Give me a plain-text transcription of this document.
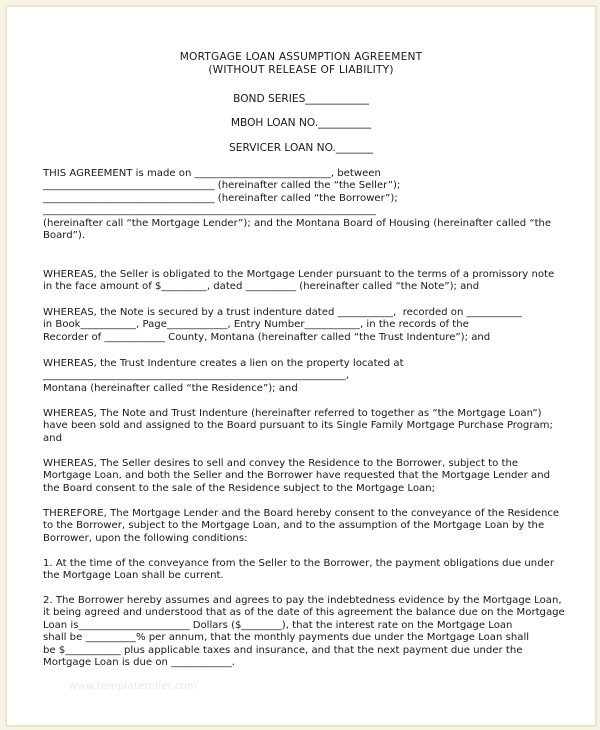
MORTGAGE LOAN ASSUMPTION AGREEMENT
(WITHOUT RELEASE OF LIABILITY)
BOND SERIES____________
MBOH LOAN NO.__________
SERVICER LOAN NO._______
THIS AGREEMENT is made on ___________________________, between
__________________________________ (hereinafter called the “the Seller”);
__________________________________ (hereinafter called “the Borrower”);
__________________________________________________________________
(hereinafter call “the Mortgage Lender”); and the Montana Board of Housing (hereinafter called “the
Board”).
WHEREAS, the Seller is obligated to the Mortgage Lender pursuant to the terms of a promissory note
in the face amount of $_________, dated __________ (hereinafter called “the Note”); and
WHEREAS, the Note is secured by a trust indenture dated ___________,  recorded on ___________
in Book___________, Page____________, Entry Number___________, in the records of the
Recorder of ____________ County, Montana (hereinafter called “the Trust Indenture”); and
WHEREAS, the Trust Indenture creates a lien on the property located at
____________________________________________________________,
Montana (hereinafter called “the Residence”); and
WHEREAS, The Note and Trust Indenture (hereinafter referred to together as “the Mortgage Loan”)
have been sold and assigned to the Board pursuant to its Single Family Mortgage Purchase Program;
and
WHEREAS, The Seller desires to sell and convey the Residence to the Borrower, subject to the
Mortgage Loan, and both the Seller and the Borrower have requested that the Mortgage Lender and
the Board consent to the sale of the Residence subject to the Mortgage Loan;
THEREFORE, The Mortgage Lender and the Board hereby consent to the conveyance of the Residence
to the Borrower, subject to the Mortgage Loan, and to the assumption of the Mortgage Loan by the
Borrower, upon the following conditions:
1. At the time of the conveyance from the Seller to the Borrower, the payment obligations due under
the Mortgage Loan shall be current.
2. The Borrower hereby assumes and agrees to pay the indebtedness evidence by the Mortgage Loan,
it being agreed and understood that as of the date of this agreement the balance due on the Mortgage
Loan is______________________ Dollars ($________), that the interest rate on the Mortgage Loan
shall be __________% per annum, that the monthly payments due under the Mortgage Loan shall
be $___________ plus applicable taxes and insurance, and that the next payment due under the
Mortgage Loan is due on ____________.
www.templateroller.com
